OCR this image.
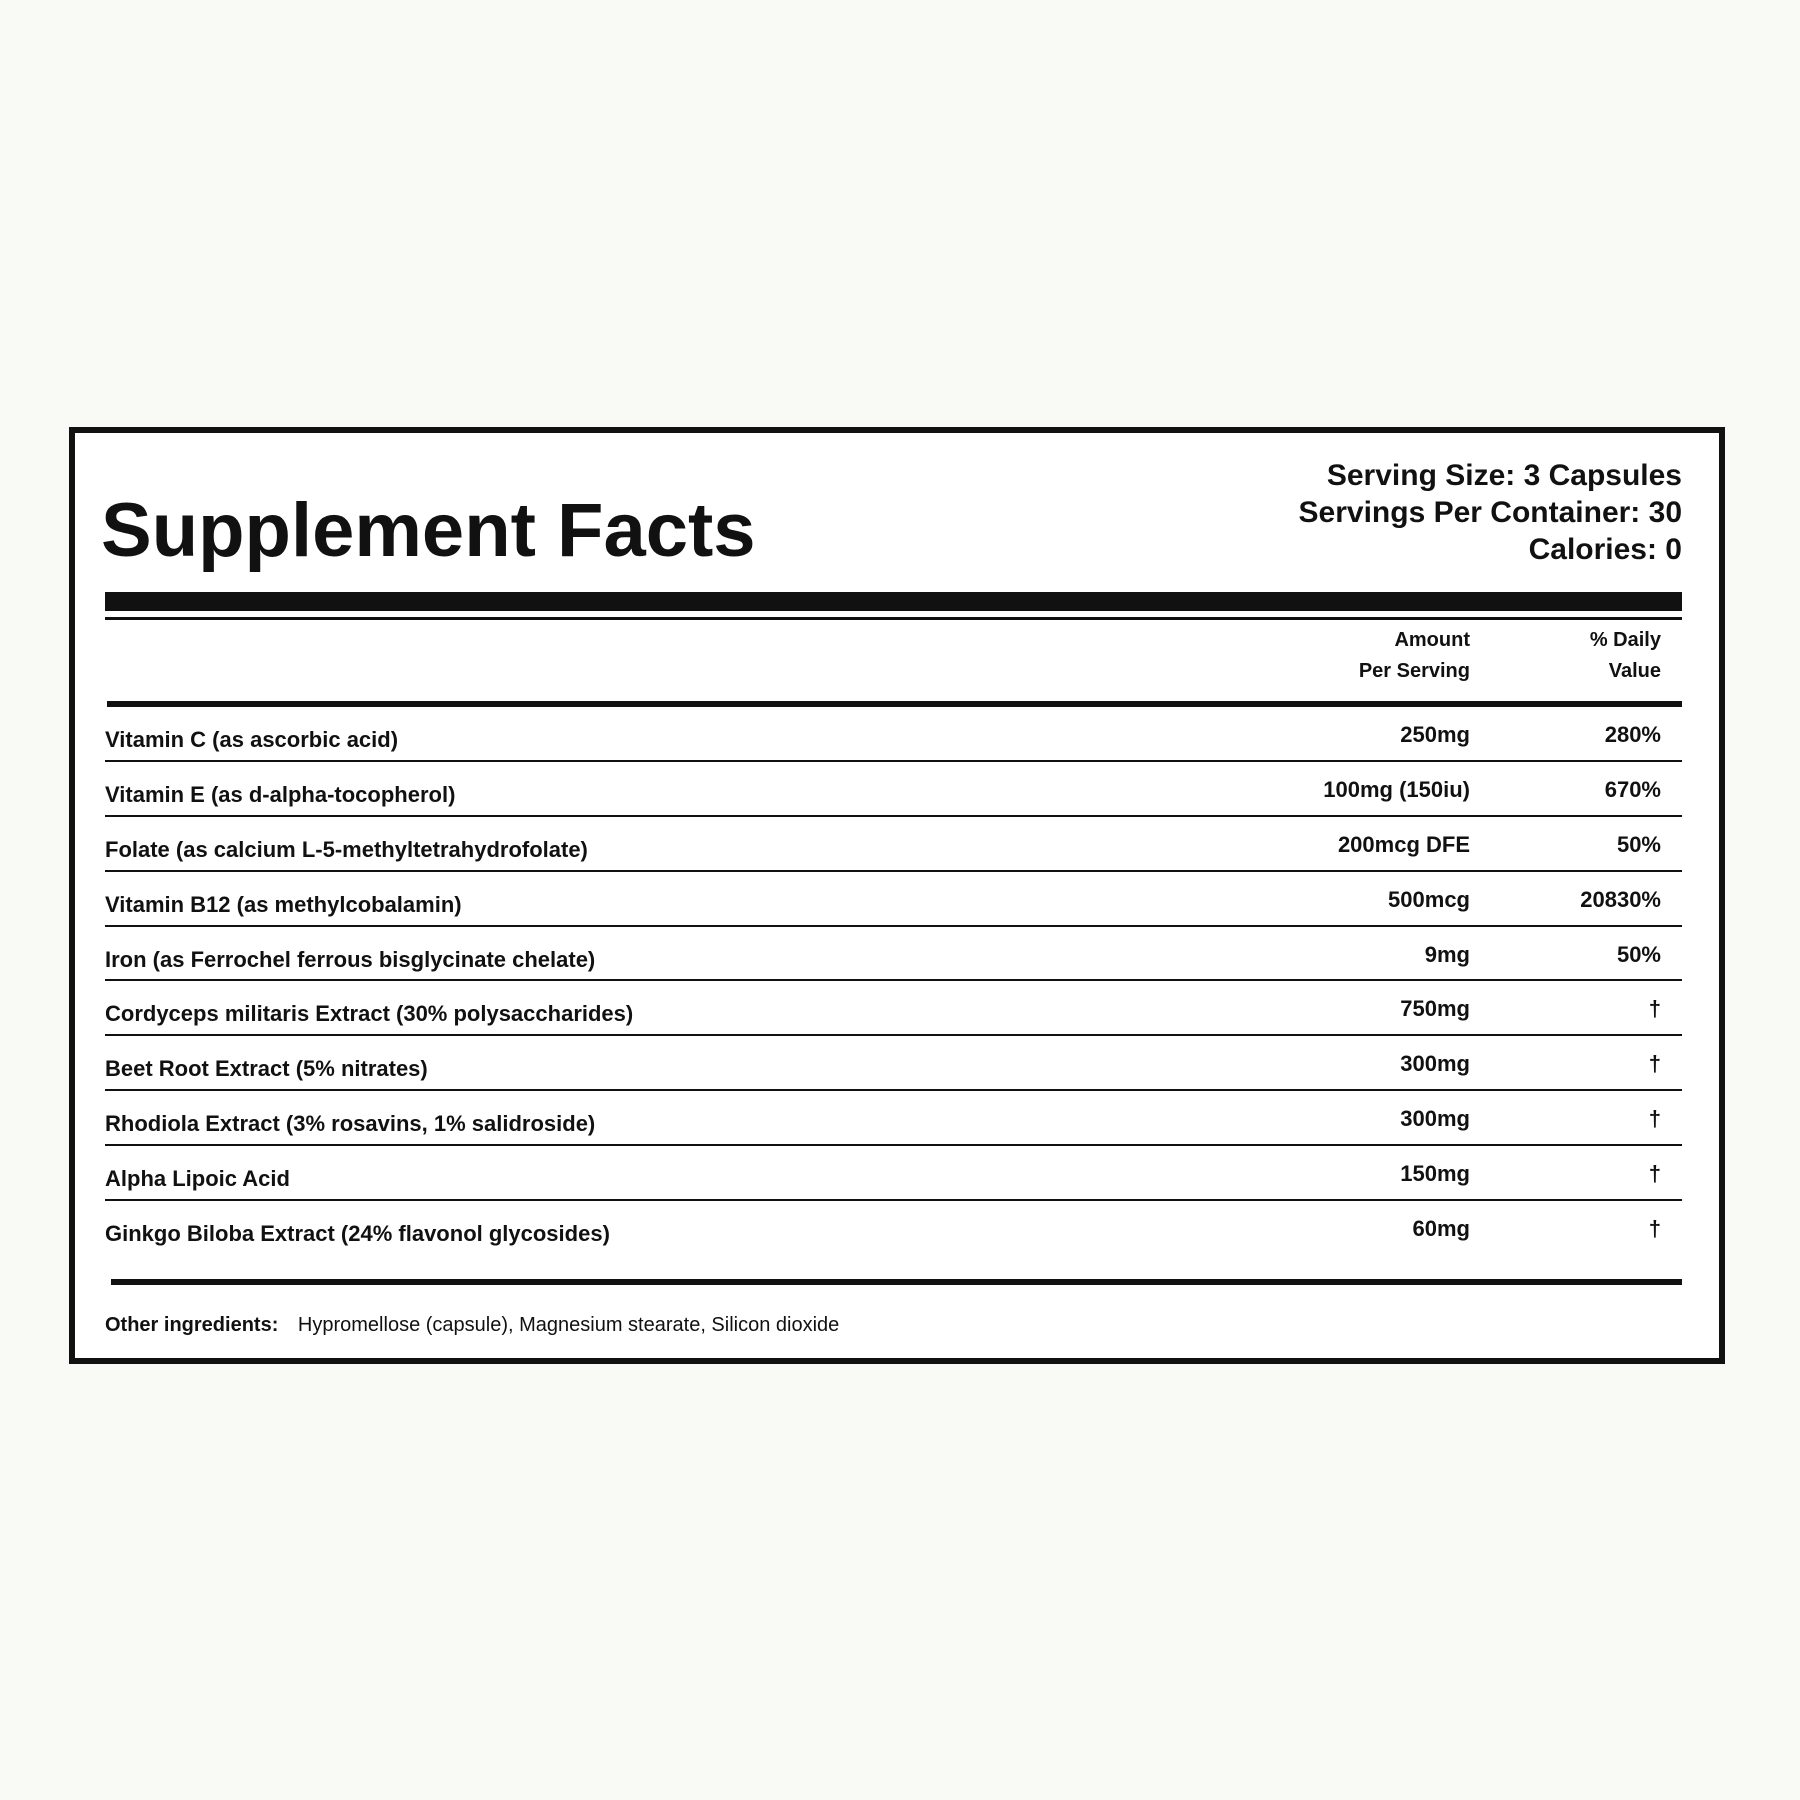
Supplement Facts
Serving Size: 3 Capsules
Servings Per Container: 30
Calories: 0
Amount
Per Serving
% Daily
Value
Vitamin C (as ascorbic acid)	250mg	280%
Vitamin E (as d-alpha-tocopherol)	100mg (150iu)	670%
Folate (as calcium L-5-methyltetrahydrofolate)	200mcg DFE	50%
Vitamin B12 (as methylcobalamin)	500mcg	20830%
Iron (as Ferrochel ferrous bisglycinate chelate)	9mg	50%
Cordyceps militaris Extract (30% polysaccharides)	750mg	†
Beet Root Extract (5% nitrates)	300mg	†
Rhodiola Extract (3% rosavins, 1% salidroside)	300mg	†
Alpha Lipoic Acid	150mg	†
Ginkgo Biloba Extract (24% flavonol glycosides)	60mg	†
Other ingredients: Hypromellose (capsule), Magnesium stearate, Silicon dioxide
